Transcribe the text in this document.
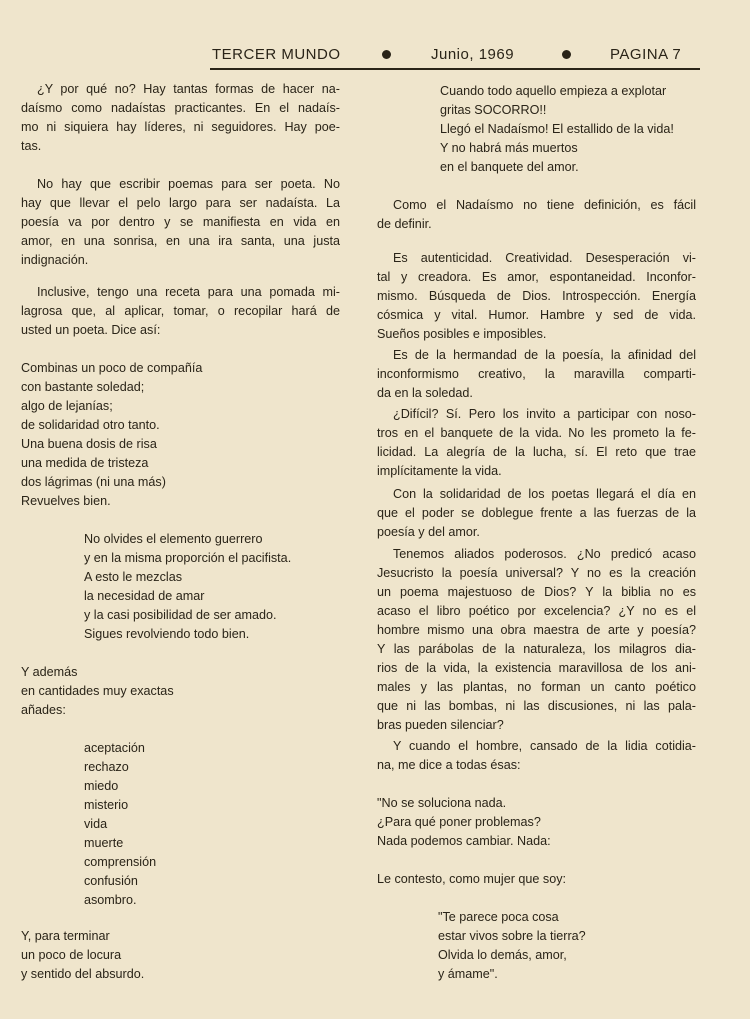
TERCER MUNDO	Junio, 1969	PAGINA 7
¿Y por qué no? Hay tantas formas de hacer na-
daísmo como nadaístas practicantes. En el nadaís-
mo ni siquiera hay líderes, ni seguidores. Hay poe-
tas.
No hay que escribir poemas para ser poeta. No
hay que llevar el pelo largo para ser nadaísta. La
poesía va por dentro y se manifiesta en vida en
amor, en una sonrisa, en una ira santa, una justa
indignación.
Inclusive, tengo una receta para una pomada mi-
lagrosa que, al aplicar, tomar, o recopilar hará de
usted un poeta. Dice así:
Combinas un poco de compañía
con bastante soledad;
algo de lejanías;
de solidaridad otro tanto.
Una buena dosis de risa
una medida de tristeza
dos lágrimas (ni una más)
Revuelves bien.
No olvides el elemento guerrero
y en la misma proporción el pacifista.
A esto le mezclas
la necesidad de amar
y la casi posibilidad de ser amado.
Sigues revolviendo todo bien.
Y además
en cantidades muy exactas
añades:
aceptación
rechazo
miedo
misterio
vida
muerte
comprensión
confusión
asombro.
Y, para terminar
un poco de locura
y sentido del absurdo.
Cuando todo aquello empieza a explotar
gritas SOCORRO!!
Llegó el Nadaísmo! El estallido de la vida!
Y no habrá más muertos
en el banquete del amor.
Como el Nadaísmo no tiene definición, es fácil
de definir.
Es autenticidad. Creatividad. Desesperación vi-
tal y creadora. Es amor, espontaneidad. Inconfor-
mismo. Búsqueda de Dios. Introspección. Energía
cósmica y vital. Humor. Hambre y sed de vida.
Sueños posibles e imposibles.
Es de la hermandad de la poesía, la afinidad del
inconformismo creativo, la maravilla comparti-
da en la soledad.
¿Difícil? Sí. Pero los invito a participar con noso-
tros en el banquete de la vida. No les prometo la fe-
licidad. La alegría de la lucha, sí. El reto que trae
implícitamente la vida.
Con la solidaridad de los poetas llegará el día en
que el poder se doblegue frente a las fuerzas de la
poesía y del amor.
Tenemos aliados poderosos. ¿No predicó acaso
Jesucristo la poesía universal? Y no es la creación
un poema majestuoso de Dios? Y la biblia no es
acaso el libro poético por excelencia? ¿Y no es el
hombre mismo una obra maestra de arte y poesía?
Y las parábolas de la naturaleza, los milagros dia-
rios de la vida, la existencia maravillosa de los ani-
males y las plantas, no forman un canto poético
que ni las bombas, ni las discusiones, ni las pala-
bras pueden silenciar?
Y cuando el hombre, cansado de la lidia cotidia-
na, me dice a todas ésas:
"No se soluciona nada.
¿Para qué poner problemas?
Nada podemos cambiar. Nada:
Le contesto, como mujer que soy:
"Te parece poca cosa
estar vivos sobre la tierra?
Olvida lo demás, amor,
y ámame".
